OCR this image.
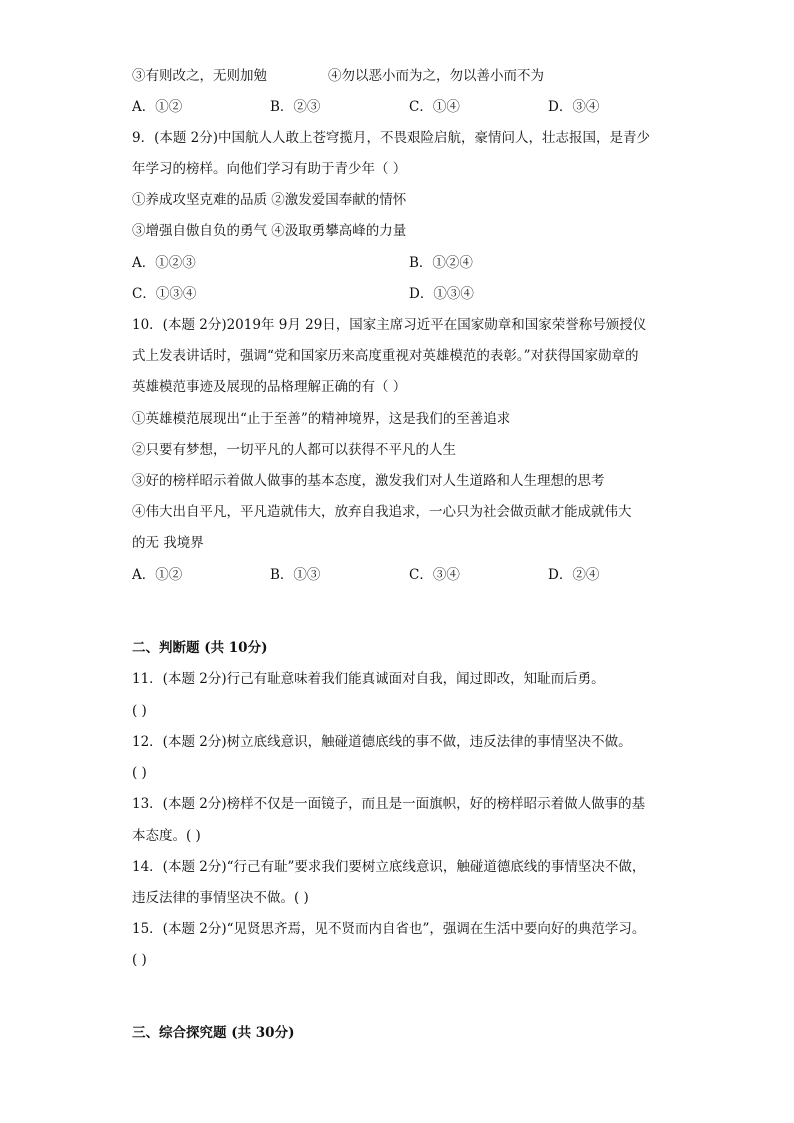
③有则改之，无则加勉	④勿以恶小而为之，勿以善小而不为
A．①②	B．②③	C．①④	D．③④
9．(本题 2分)中国航人人敢上苍穹揽月，不畏艰险启航，豪情问人，壮志报国，是青少
年学习的榜样。向他们学习有助于青少年（ ）
①养成攻坚克难的品质 ②激发爱国奉献的情怀
③增强自傲自负的勇气 ④汲取勇攀高峰的力量
A．①②③	B．①②④
C．①③④	D．①③④
10．(本题 2分)2019年 9月 29日，国家主席习近平在国家勋章和国家荣誉称号颁授仪
式上发表讲话时，强调“党和国家历来高度重视对英雄模范的表彰。”对获得国家勋章的
英雄模范事迹及展现的品格理解正确的有（ ）
①英雄模范展现出“止于至善”的精神境界，这是我们的至善追求
②只要有梦想，一切平凡的人都可以获得不平凡的人生
③好的榜样昭示着做人做事的基本态度，激发我们对人生道路和人生理想的思考
④伟大出自平凡，平凡造就伟大，放弃自我追求，一心只为社会做贡献才能成就伟大
的无 我境界
A．①②	B．①③	C．③④	D．②④
二、判断题 (共 10分)
11．(本题 2分)行己有耻意味着我们能真诚面对自我，闻过即改，知耻而后勇。
( )
12．(本题 2分)树立底线意识，触碰道德底线的事不做，违反法律的事情坚决不做。
( )
13．(本题 2分)榜样不仅是一面镜子，而且是一面旗帜，好的榜样昭示着做人做事的基
本态度。( )
14．(本题 2分)“行己有耻”要求我们要树立底线意识，触碰道德底线的事情坚决不做，
违反法律的事情坚决不做。( )
15．(本题 2分)“见贤思齐焉，见不贤而内自省也”，强调在生活中要向好的典范学习。
( )
三、综合探究题 (共 30分)
